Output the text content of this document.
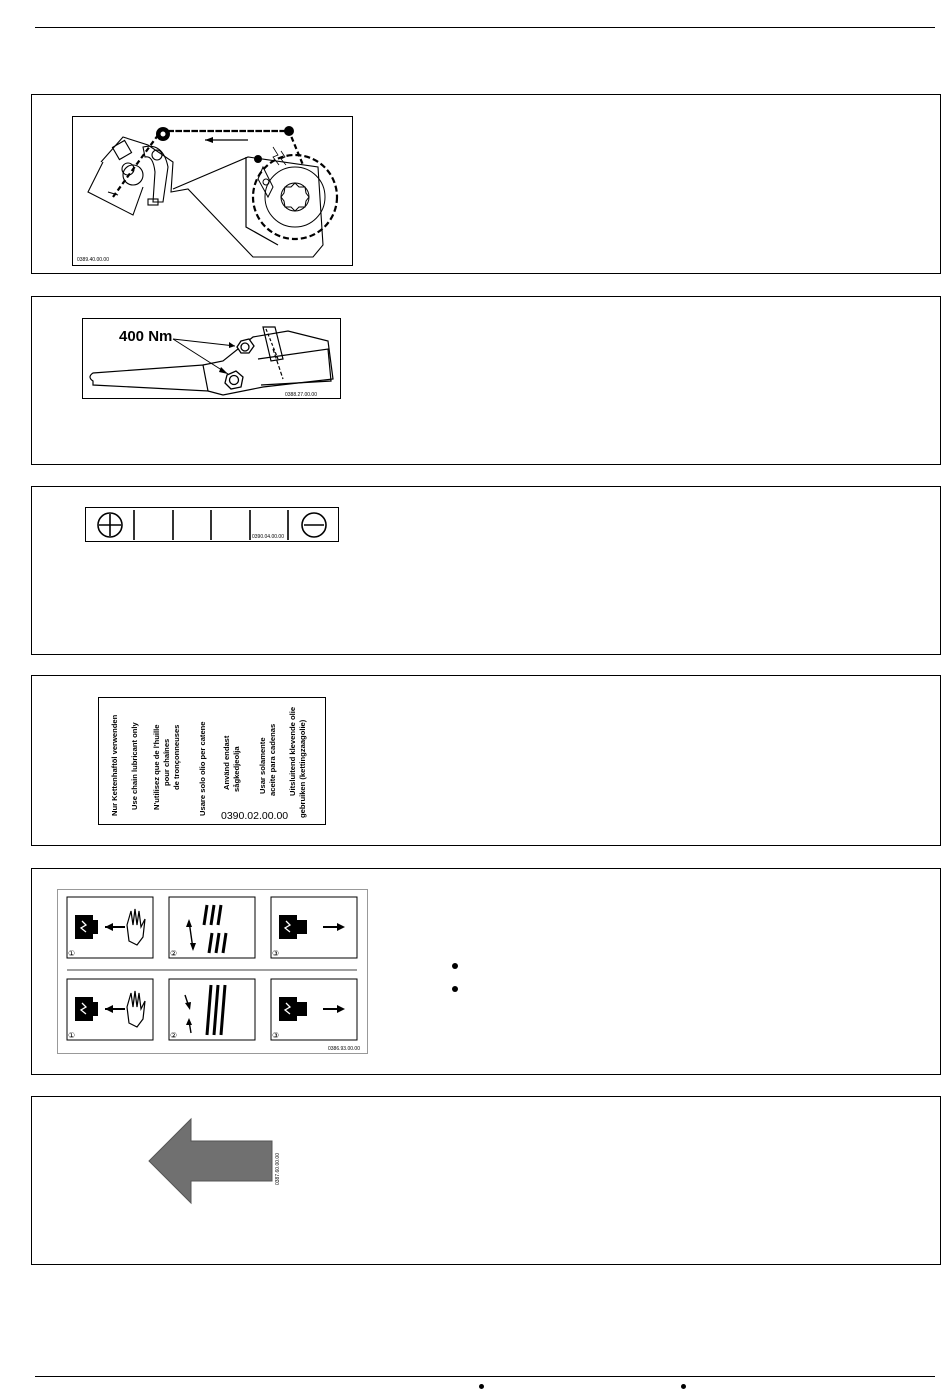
0389.40.00.00
400 Nm
0388.27.00.00
0390.04.00.00
Nur Kettenhaftöl verwenden Use chain lubricant only N'utilisez que de l'huille pour chaînes de tronçonneuses Usare solo olio per catene Använd endast sågkedjeolja Usar solamente aceite para cadenas Uitsluitend klevende olie gebruiken (kettingzaagolie)
0390.02.00.00
①	②	③
①	②	③
0386.93.00.00
0387.60.00.00
